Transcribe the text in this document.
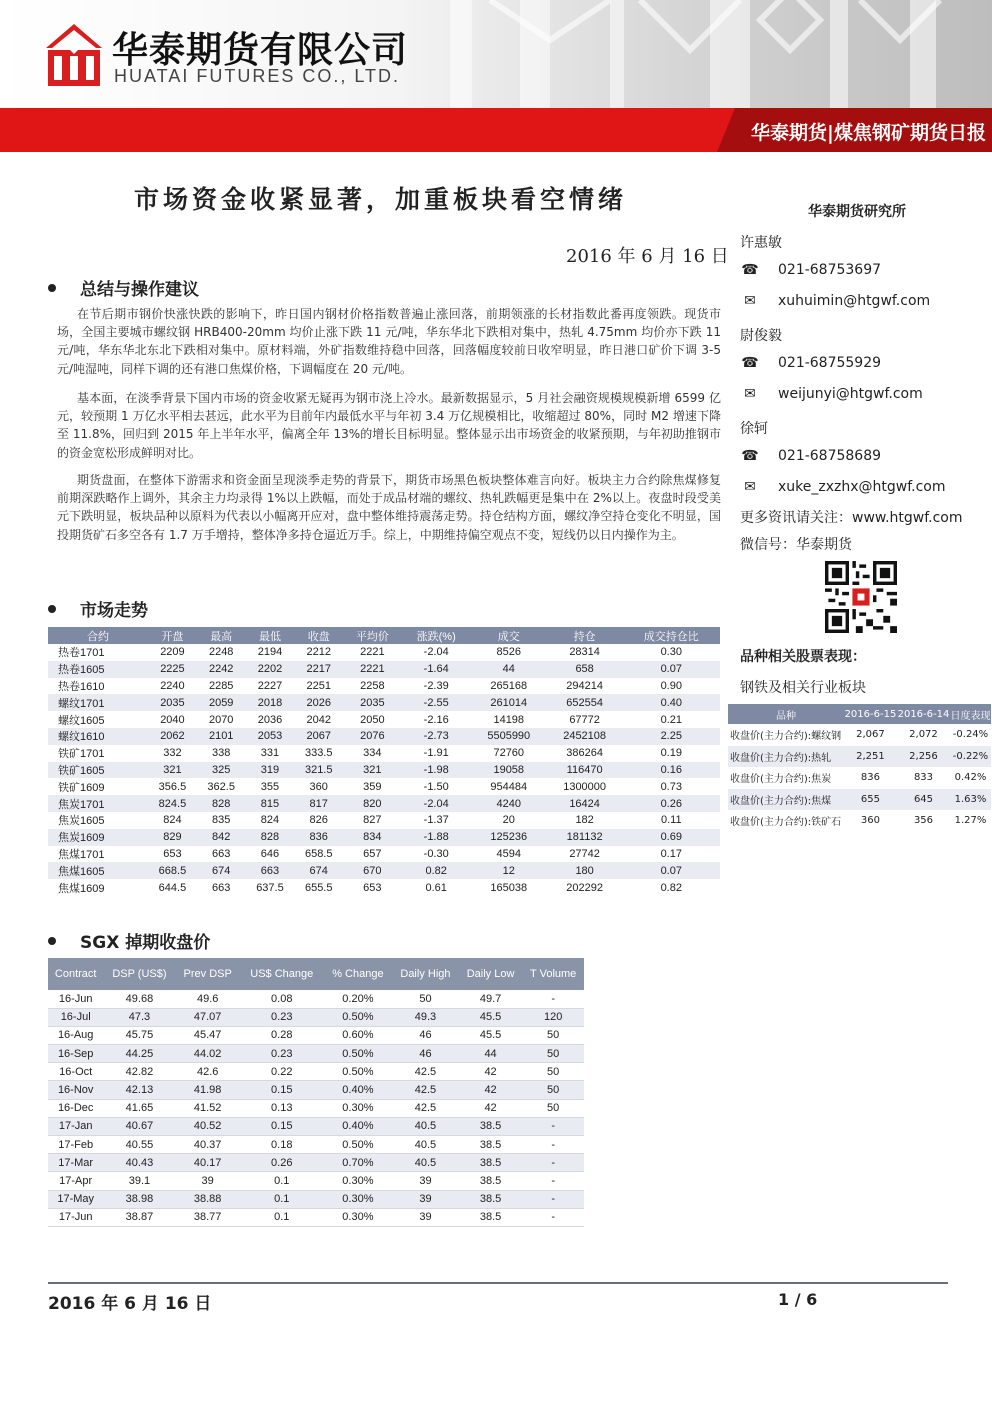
华泰期货有限公司
HUATAI FUTURES CO., LTD.
华泰期货|煤焦钢矿期货日报
市场资金收紧显著，加重板块看空情绪
2016 年 6 月 16 日
总结与操作建议
在节后期市钢价快涨快跌的影响下，昨日国内钢材价格指数普遍止涨回落，前期领涨的长材指数此番再度领跌。现货市场，全国主要城市螺纹钢 HRB400-20mm 均价止涨下跌 11 元/吨，华东华北下跌相对集中，热轧 4.75mm 均价亦下跌 11 元/吨，华东华北东北下跌相对集中。原材料端，外矿指数维持稳中回落，回落幅度较前日收窄明显，昨日港口矿价下调 3-5 元/吨湿吨，同样下调的还有港口焦煤价格，下调幅度在 20 元/吨。
基本面，在淡季背景下国内市场的资金收紧无疑再为钢市浇上冷水。最新数据显示，5 月社会融资规模规模新增 6599 亿元，较预期 1 万亿水平相去甚远，此水平为目前年内最低水平与年初 3.4 万亿规模相比，收缩超过 80%，同时 M2 增速下降至 11.8%，回归到 2015 年上半年水平，偏离全年 13%的增长目标明显。整体显示出市场资金的收紧预期，与年初助推钢市的资金宽松形成鲜明对比。
期货盘面，在整体下游需求和资金面呈现淡季走势的背景下，期货市场黑色板块整体难言向好。板块主力合约除焦煤修复前期深跌略作上调外，其余主力均录得 1%以上跌幅，而处于成品材端的螺纹、热轧跌幅更是集中在 2%以上。夜盘时段受美元下跌明显，板块品种以原料为代表以小幅离开应对，盘中整体维持震荡走势。持仓结构方面，螺纹净空持仓变化不明显，国投期货矿石多空各有 1.7 万手增持，整体净多持仓逼近万手。综上，中期维持偏空观点不变，短线仍以日内操作为主。
市场走势
合约	开盘	最高	最低	收盘	平均价	涨跌(%)	成交	持仓	成交持仓比
热卷1701	2209	2248	2194	2212	2221	-2.04	8526	28314	0.30
热卷1605	2225	2242	2202	2217	2221	-1.64	44	658	0.07
热卷1610	2240	2285	2227	2251	2258	-2.39	265168	294214	0.90
螺纹1701	2035	2059	2018	2026	2035	-2.55	261014	652554	0.40
螺纹1605	2040	2070	2036	2042	2050	-2.16	14198	67772	0.21
螺纹1610	2062	2101	2053	2067	2076	-2.73	5505990	2452108	2.25
铁矿1701	332	338	331	333.5	334	-1.91	72760	386264	0.19
铁矿1605	321	325	319	321.5	321	-1.98	19058	116470	0.16
铁矿1609	356.5	362.5	355	360	359	-1.50	954484	1300000	0.73
焦炭1701	824.5	828	815	817	820	-2.04	4240	16424	0.26
焦炭1605	824	835	824	826	827	-1.37	20	182	0.11
焦炭1609	829	842	828	836	834	-1.88	125236	181132	0.69
焦煤1701	653	663	646	658.5	657	-0.30	4594	27742	0.17
焦煤1605	668.5	674	663	674	670	0.82	12	180	0.07
焦煤1609	644.5	663	637.5	655.5	653	0.61	165038	202292	0.82
SGX 掉期收盘价
Contract	DSP (US$)	Prev DSP	US$ Change	% Change	Daily High	Daily Low	T Volume
16-Jun	49.68	49.6	0.08	0.20%	50	49.7	-
16-Jul	47.3	47.07	0.23	0.50%	49.3	45.5	120
16-Aug	45.75	45.47	0.28	0.60%	46	45.5	50
16-Sep	44.25	44.02	0.23	0.50%	46	44	50
16-Oct	42.82	42.6	0.22	0.50%	42.5	42	50
16-Nov	42.13	41.98	0.15	0.40%	42.5	42	50
16-Dec	41.65	41.52	0.13	0.30%	42.5	42	50
17-Jan	40.67	40.52	0.15	0.40%	40.5	38.5	-
17-Feb	40.55	40.37	0.18	0.50%	40.5	38.5	-
17-Mar	40.43	40.17	0.26	0.70%	40.5	38.5	-
17-Apr	39.1	39	0.1	0.30%	39	38.5	-
17-May	38.98	38.88	0.1	0.30%	39	38.5	-
17-Jun	38.87	38.77	0.1	0.30%	39	38.5	-
华泰期货研究所
许惠敏
☎ 021-68753697
✉ xuhuimin@htgwf.com
尉俊毅
☎ 021-68755929
✉ weijunyi@htgwf.com
徐轲
☎ 021-68758689
✉ xuke_zxzhx@htgwf.com
更多资讯请关注：www.htgwf.com
微信号：华泰期货
品种相关股票表现：
钢铁及相关行业板块
品种	2016-6-15	2016-6-14	日度表现
收盘价(主力合约):螺纹钢	2,067	2,072	-0.24%
收盘价(主力合约):热轧	2,251	2,256	-0.22%
收盘价(主力合约):焦炭	836	833	0.42%
收盘价(主力合约):焦煤	655	645	1.63%
收盘价(主力合约):铁矿石	360	356	1.27%
2016 年 6 月 16 日	1 / 6
